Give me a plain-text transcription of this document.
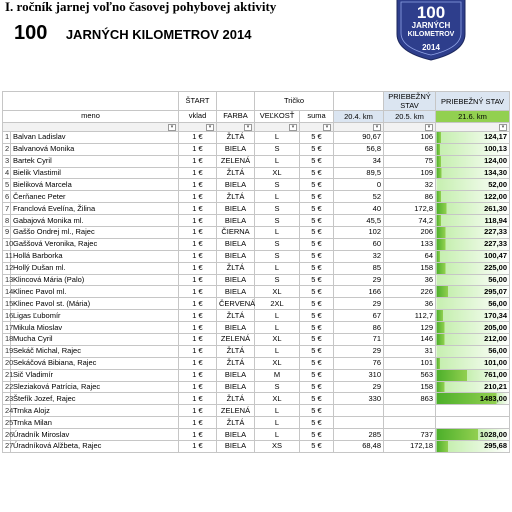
I. ročník jarnej voľno časovej pohybovej aktivity
100 JARNÝCH KILOMETROV 2014
100
JARNÝCH
KILOMETROV
2014
		ŠTART		Tričko			PRIEBEŽNÝ STAV	PRIEBEŽNÝ STAV	
meno		vklad	FARBA	VEĽKOSŤ	suma	20.4. km	20.5. km	21.6. km	
▾		▾	▾	▾	▾	▾	▾	▾	
1	Balvan Ladislav	1 €	ŽLTÁ	L	5 €	90,67	106	124,17	
2	Balvanová Monika	1 €	BIELA	S	5 €	56,8	68	100,13	
3	Bartek Cyril	1 €	ZELENÁ	L	5 €	34	75	124,00	
4	Bielik Vlastimil	1 €	ŽLTÁ	XL	5 €	89,5	109	134,30	
5	Bieliková Marcela	1 €	BIELA	S	5 €	0	32	52,00	
6	Čerňanec Peter	1 €	ŽLTÁ	L	5 €	52	86	122,00	
7	Franclová Evelína, Žilina	1 €	BIELA	S	5 €	40	172,8	261,30	
8	Gabajová Monika ml.	1 €	BIELA	S	5 €	45,5	74,2	118,94	
9	Gaššo Ondrej ml., Rajec	1 €	ČIERNA	L	5 €	102	206	227,33	
10	Gaššová Veronika, Rajec	1 €	BIELA	S	5 €	60	133	227,33	
11	Hollá Barborka	1 €	BIELA	S	5 €	32	64	100,47	
12	Hollý Dušan ml.	1 €	ŽLTÁ	L	5 €	85	158	225,00	
13	Klincová Mária (Palo)	1 €	BIELA	S	5 €	29	36	56,00	
14	Klinec Pavol ml.	1 €	BIELA	XL	5 €	166	226	295,07	
15	Klinec Pavol st. (Mária)	1 €	ČERVENÁ	2XL	5 €	29	36	56,00	
16	Ligas Ľubomír	1 €	ŽLTÁ	L	5 €	67	112,7	170,34	
17	Mikula Mioslav	1 €	BIELA	L	5 €	86	129	205,00	
18	Mucha Cyril	1 €	ZELENÁ	XL	5 €	71	146	212,00	
19	Sekáč Michal, Rajec	1 €	ŽLTÁ	L	5 €	29	31	56,00	
20	Sekáčová Bibiana, Rajec	1 €	ŽLTÁ	XL	5 €	76	101	101,00	
21	Sič Vladimír	1 €	BIELA	M	5 €	310	563	761,00	
22	Sleziaková Patrícia, Rajec	1 €	BIELA	S	5 €	29	158	210,21	
23	Štefík Jozef, Rajec	1 €	ŽLTÁ	XL	5 €	330	863	1483,00	
24	Trnka Alojz	1 €	ZELENÁ	L	5 €				
25	Trnka Milan	1 €	ŽLTÁ	L	5 €				
26	Úradník Miroslav	1 €	BIELA	L	5 €	285	737	1028,00	
27	Úradníková Alžbeta, Rajec	1 €	BIELA	XS	5 €	68,48	172,18	295,68	
